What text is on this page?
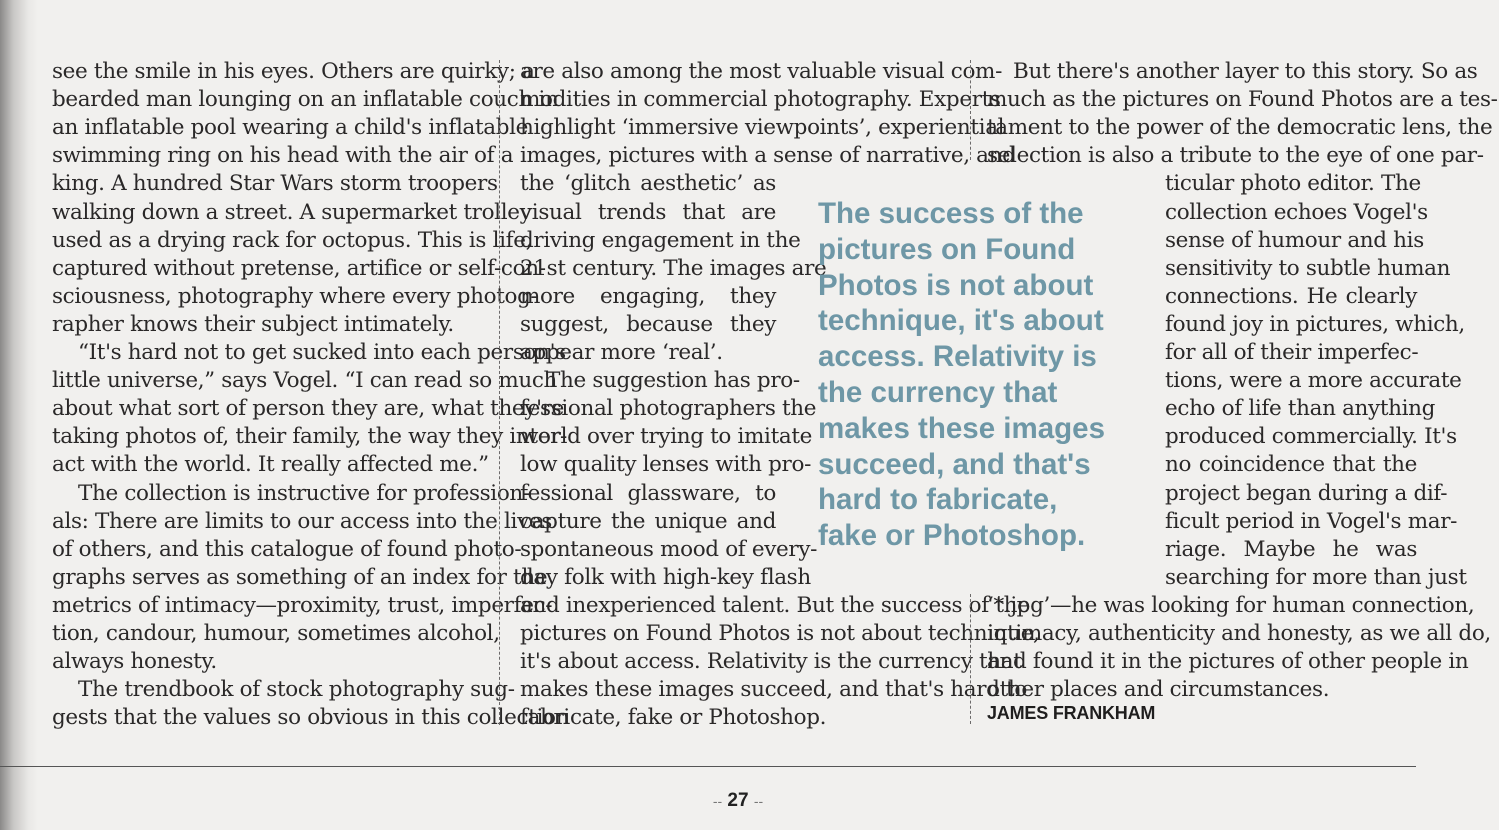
see the smile in his eyes. Others are quirky; a
bearded man lounging on an inflatable couch in
an inflatable pool wearing a child's inflatable
swimming ring on his head with the air of a
king. A hundred Star Wars storm troopers
walking down a street. A supermarket trolley
used as a drying rack for octopus. This is life,
captured without pretense, artifice or self-con-
sciousness, photography where every photog-
rapher knows their subject intimately.
“It's hard not to get sucked into each person's
little universe,” says Vogel. “I can read so much
about what sort of person they are, what they're
taking photos of, their family, the way they inter-
act with the world. It really affected me.”
The collection is instructive for profession-
als: There are limits to our access into the lives
of others, and this catalogue of found photo-
graphs serves as something of an index for the
metrics of intimacy—proximity, trust, imperfec-
tion, candour, humour, sometimes alcohol,
always honesty.
The trendbook of stock photography sug-
gests that the values so obvious in this collection
are also among the most valuable visual com-
modities in commercial photography. Experts
highlight ‘immersive viewpoints’, experiential
images, pictures with a sense of narrative, and
the ‘glitch aesthetic’ as
visual trends that are
driving engagement in the
21st century. The images are
more engaging, they
suggest, because they
appear more ‘real’.
The suggestion has pro-
fessional photographers the
world over trying to imitate
low quality lenses with pro-
fessional glassware, to
capture the unique and
spontaneous mood of every-
day folk with high-key flash
and inexperienced talent. But the success of the
pictures on Found Photos is not about technique,
it's about access. Relativity is the currency that
makes these images succeed, and that's hard to
fabricate, fake or Photoshop.
But there's another layer to this story. So as
much as the pictures on Found Photos are a tes-
tament to the power of the democratic lens, the
selection is also a tribute to the eye of one par-
ticular photo editor. The
collection echoes Vogel's
sense of humour and his
sensitivity to subtle human
connections. He clearly
found joy in pictures, which,
for all of their imperfec-
tions, were a more accurate
echo of life than anything
produced commercially. It's
no coincidence that the
project began during a dif-
ficult period in Vogel's mar-
riage. Maybe he was
searching for more than just
‘*.jpg’—he was looking for human connection,
intimacy, authenticity and honesty, as we all do,
and found it in the pictures of other people in
other places and circumstances.
The success of the
pictures on Found
Photos is not about
technique, it's about
access. Relativity is
the currency that
makes these images
succeed, and that's
hard to fabricate,
fake or Photoshop.
JAMES FRANKHAM
-- 27 --
